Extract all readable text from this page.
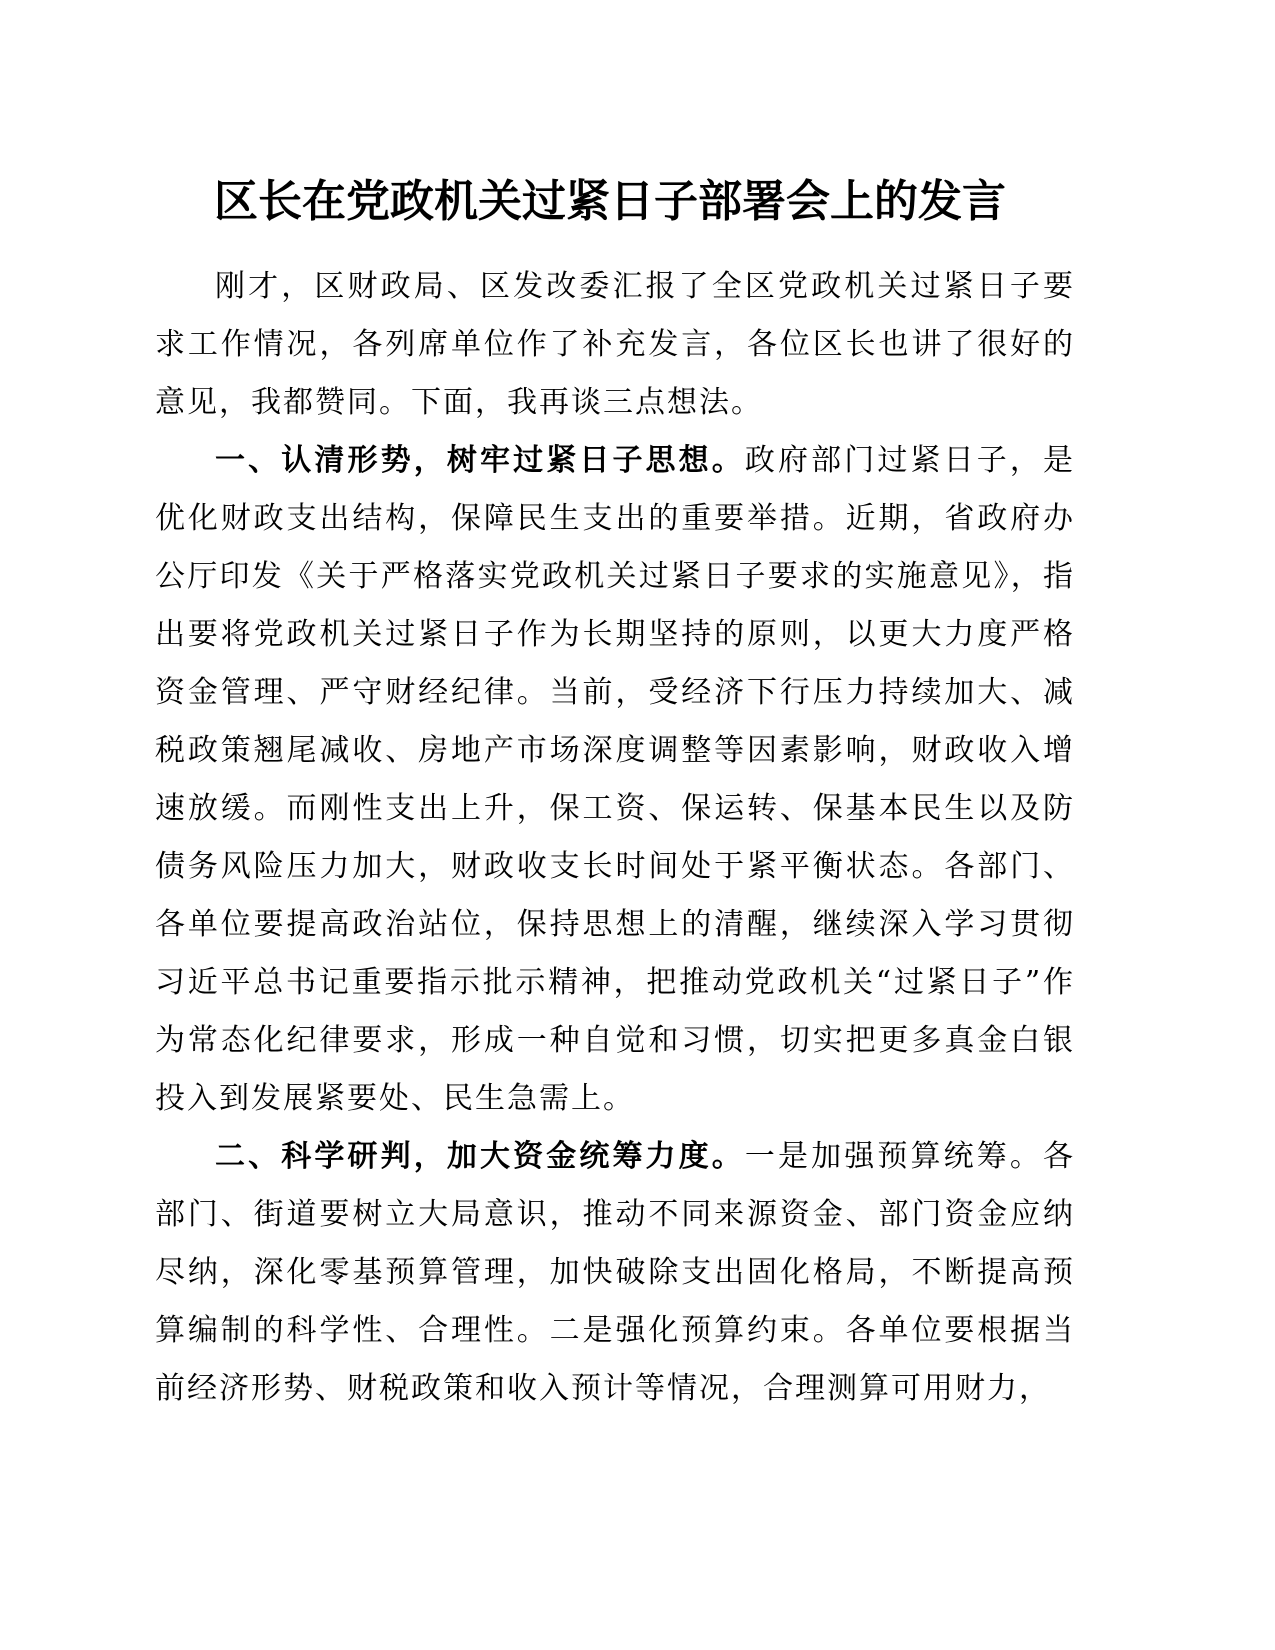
区长在党政机关过紧日子部署会上的发言

刚才，区财政局、区发改委汇报了全区党政机关过紧日子要求工作情况，各列席单位作了补充发言，各位区长也讲了很好的意见，我都赞同。下面，我再谈三点想法。

一、认清形势，树牢过紧日子思想。政府部门过紧日子，是优化财政支出结构，保障民生支出的重要举措。近期，省政府办公厅印发《关于严格落实党政机关过紧日子要求的实施意见》，指出要将党政机关过紧日子作为长期坚持的原则，以更大力度严格资金管理、严守财经纪律。当前，受经济下行压力持续加大、减税政策翘尾减收、房地产市场深度调整等因素影响，财政收入增速放缓。而刚性支出上升，保工资、保运转、保基本民生以及防债务风险压力加大，财政收支长时间处于紧平衡状态。各部门、各单位要提高政治站位，保持思想上的清醒，继续深入学习贯彻习近平总书记重要指示批示精神，把推动党政机关“过紧日子”作为常态化纪律要求，形成一种自觉和习惯，切实把更多真金白银投入到发展紧要处、民生急需上。

二、科学研判，加大资金统筹力度。一是加强预算统筹。各部门、街道要树立大局意识，推动不同来源资金、部门资金应纳尽纳，深化零基预算管理，加快破除支出固化格局，不断提高预算编制的科学性、合理性。二是强化预算约束。各单位要根据当前经济形势、财税政策和收入预计等情况，合理测算可用财力，
